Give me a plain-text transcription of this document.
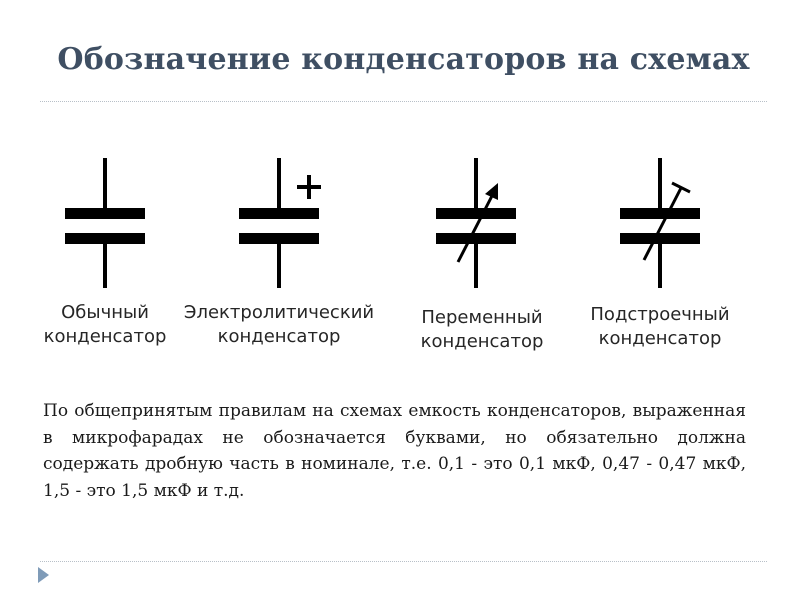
Обозначение конденсаторов на схемах
Обычный
конденсатор
Электролитический
конденсатор
Переменный
конденсатор
Подстроечный
конденсатор
По общепринятым правилам на схемах емкость конденсаторов, выраженная в микрофарадах не обозначается буквами, но обязательно должна содержать дробную часть в номинале, т.е. 0,1 - это 0,1 мкФ, 0,47 - 0,47 мкФ, 1,5 - это 1,5 мкФ и т.д.
